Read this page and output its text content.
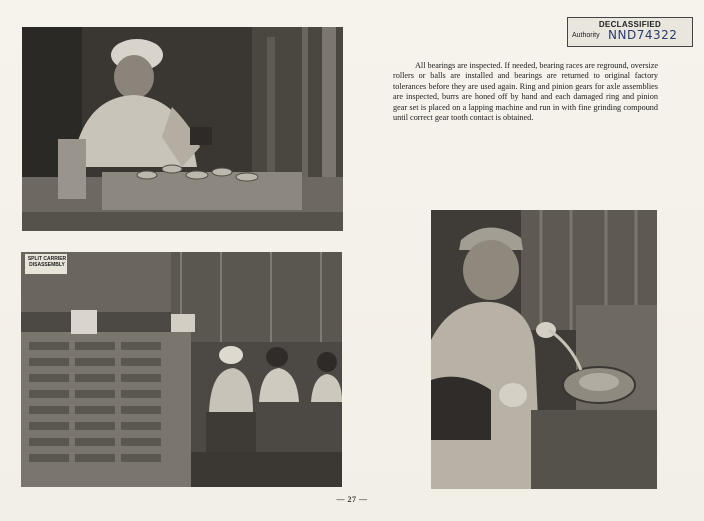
SPLIT CARRIER
DISASSEMBLY
DECLASSIFIED
Authority NND74322

All bearings are inspected. If needed, bearing races are reground, oversize rollers or balls are installed and bearings are returned to original factory tolerances before they are used again. Ring and pinion gears for axle assemblies are inspected, burrs are honed off by hand and each damaged ring and pinion gear set is placed on a lapping machine and run in with fine grinding compound until correct gear tooth contact is obtained.

— 27 —
